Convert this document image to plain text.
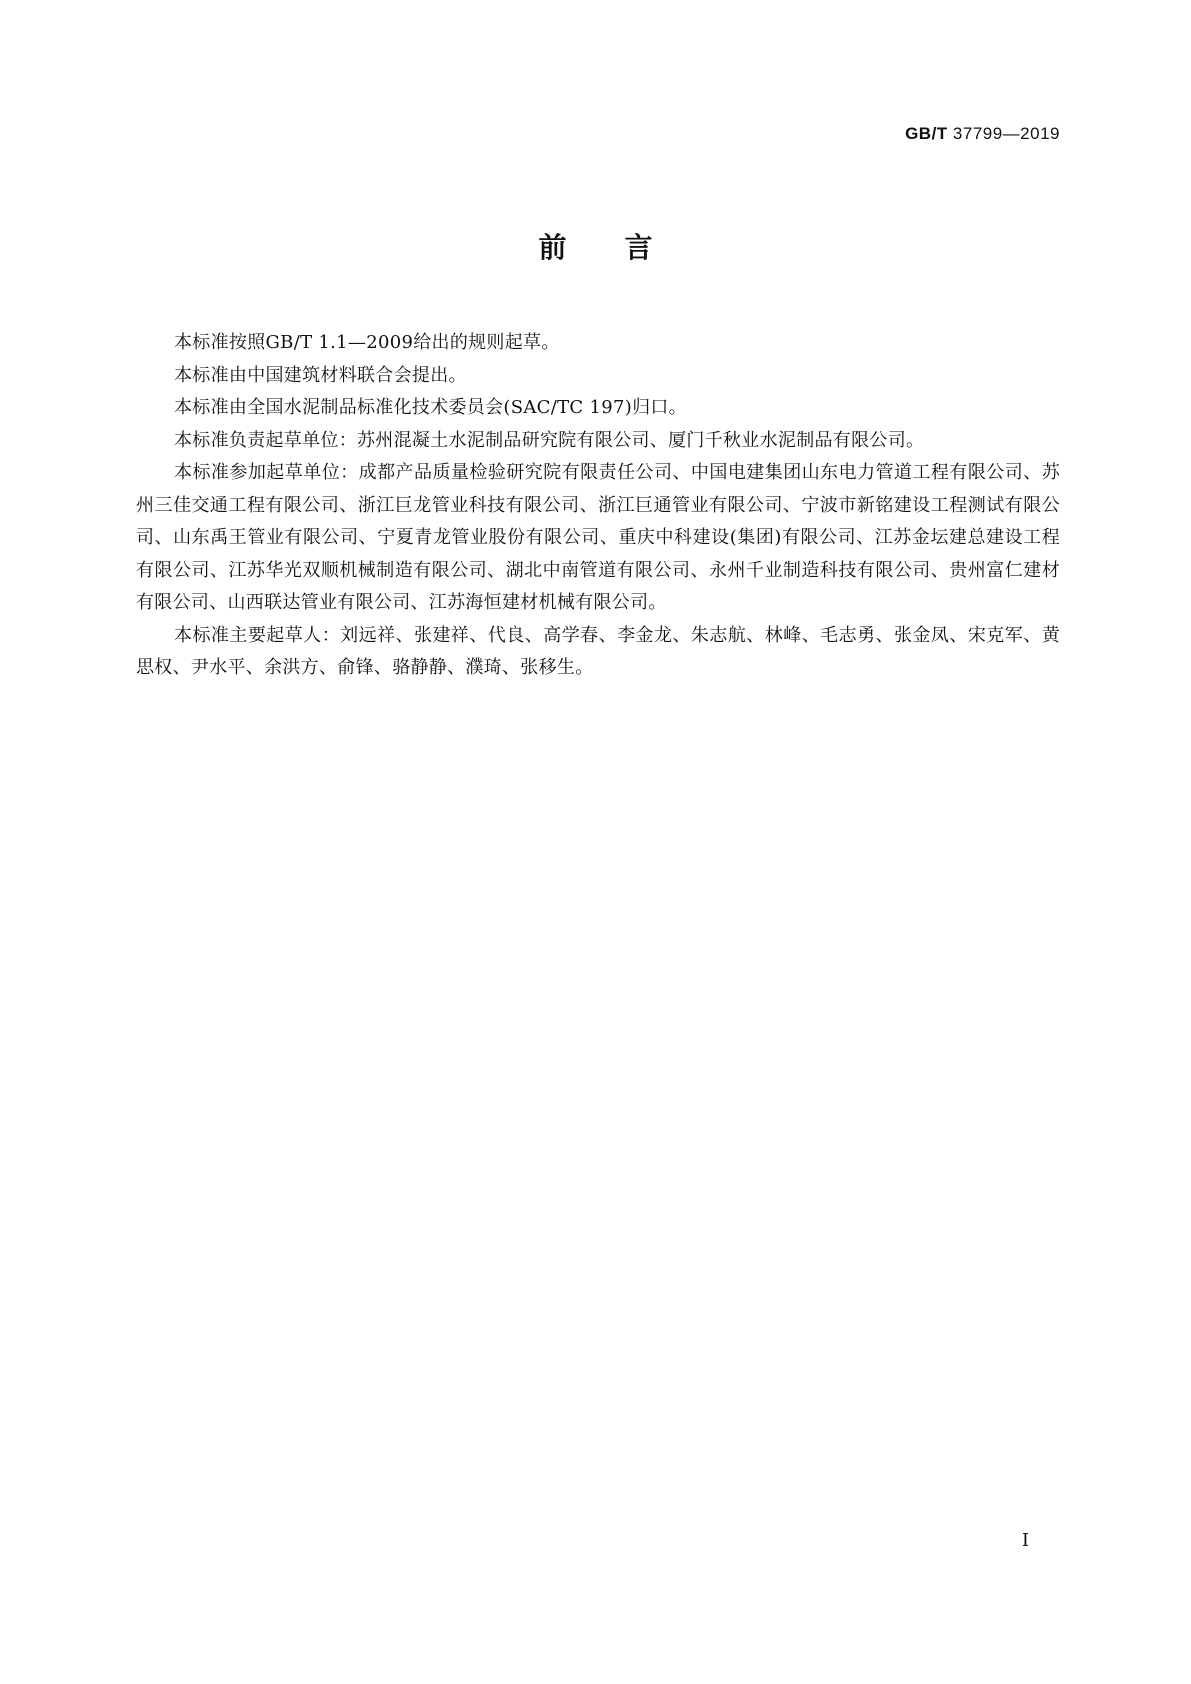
GB/T 37799—2019

前言

本标准按照GB/T 1.1—2009给出的规则起草。

本标准由中国建筑材料联合会提出。

本标准由全国水泥制品标准化技术委员会(SAC/TC 197)归口。

本标准负责起草单位：苏州混凝土水泥制品研究院有限公司、厦门千秋业水泥制品有限公司。

本标准参加起草单位：成都产品质量检验研究院有限责任公司、中国电建集团山东电力管道工程有限公司、苏州三佳交通工程有限公司、浙江巨龙管业科技有限公司、浙江巨通管业有限公司、宁波市新铭建设工程测试有限公司、山东禹王管业有限公司、宁夏青龙管业股份有限公司、重庆中科建设(集团)有限公司、江苏金坛建总建设工程有限公司、江苏华光双顺机械制造有限公司、湖北中南管道有限公司、永州千业制造科技有限公司、贵州富仁建材有限公司、山西联达管业有限公司、江苏海恒建材机械有限公司。

本标准主要起草人：刘远祥、张建祥、代良、高学春、李金龙、朱志航、林峰、毛志勇、张金凤、宋克军、黄思权、尹水平、余洪方、俞锋、骆静静、濮琦、张移生。

I
